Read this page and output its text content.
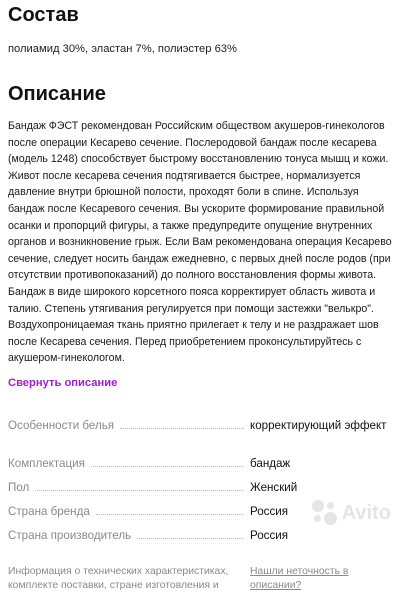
Состав
полиамид 30%, эластан 7%, полиэстер 63%
Описание
Бандаж ФЭСТ рекомендован Российским обществом акушеров-гинекологов после операции Кесарево сечение. Послеродовой бандаж после кесарева (модель 1248) способствует быстрому восстановлению тонуса мышц и кожи. Живот после кесарева сечения подтягивается быстрее, нормализуется давление внутри брюшной полости, проходят боли в спине. Используя бандаж после Кесаревого сечения. Вы ускорите формирование правильной осанки и пропорций фигуры, а также предупредите опущение внутренних органов и возникновение грыж. Если Вам рекомендована операция Кесарево сечение, следует носить бандаж ежедневно, с первых дней после родов (при отсутствии противопоказаний) до полного восстановления формы живота. Бандаж в виде широкого корсетного пояса корректирует область живота и талию. Степень утягивания регулируется при помощи застежки "велькро". Воздухопроницаемая ткань приятно прилегает к телу и не раздражает шов после Кесарева сечения. Перед приобретением проконсультируйтесь с акушером-гинекологом.
Свернуть описание
Особенности белья	корректирующий эффект
Комплектация	бандаж
Пол	Женский
Страна бренда	Россия
Страна производитель	Россия
Информация о технических характеристиках, комплекте поставки, стране изготовления и
Нашли неточность в описании?
Avito
